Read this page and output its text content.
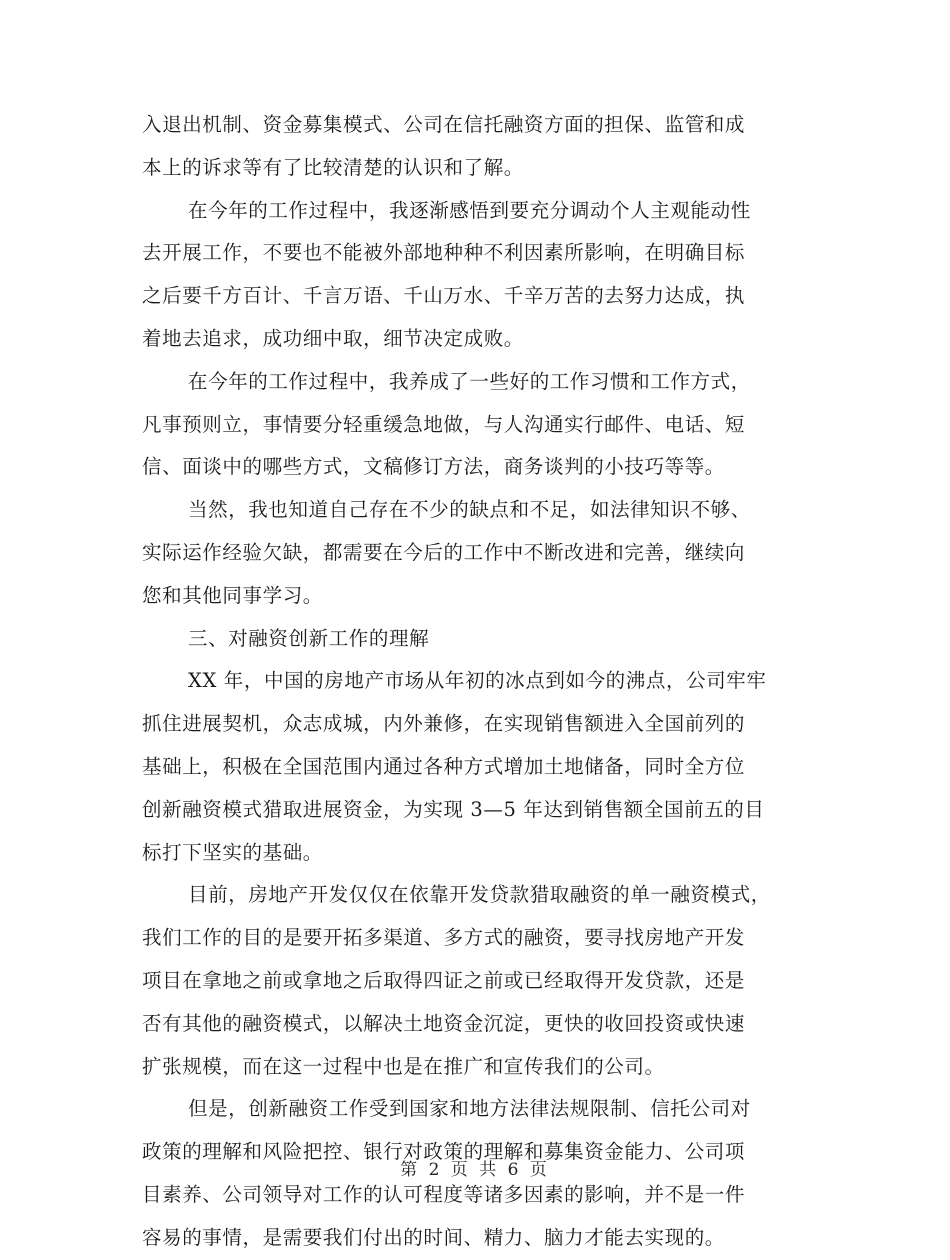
入退出机制、资金募集模式、公司在信托融资方面的担保、监管和成
本上的诉求等有了比较清楚的认识和了解。
在今年的工作过程中，我逐渐感悟到要充分调动个人主观能动性
去开展工作，不要也不能被外部地种种不利因素所影响，在明确目标
之后要千方百计、千言万语、千山万水、千辛万苦的去努力达成，执
着地去追求，成功细中取，细节决定成败。
在今年的工作过程中，我养成了一些好的工作习惯和工作方式，
凡事预则立，事情要分轻重缓急地做，与人沟通实行邮件、电话、短
信、面谈中的哪些方式，文稿修订方法，商务谈判的小技巧等等。
当然，我也知道自己存在不少的缺点和不足，如法律知识不够、
实际运作经验欠缺，都需要在今后的工作中不断改进和完善，继续向
您和其他同事学习。
三、对融资创新工作的理解
XX 年，中国的房地产市场从年初的冰点到如今的沸点，公司牢牢
抓住进展契机，众志成城，内外兼修，在实现销售额进入全国前列的
基础上，积极在全国范围内通过各种方式增加土地储备，同时全方位
创新融资模式猎取进展资金，为实现 3—5 年达到销售额全国前五的目
标打下坚实的基础。
目前，房地产开发仅仅在依靠开发贷款猎取融资的单一融资模式，
我们工作的目的是要开拓多渠道、多方式的融资，要寻找房地产开发
项目在拿地之前或拿地之后取得四证之前或已经取得开发贷款，还是
否有其他的融资模式，以解决土地资金沉淀，更快的收回投资或快速
扩张规模，而在这一过程中也是在推广和宣传我们的公司。
但是，创新融资工作受到国家和地方法律法规限制、信托公司对
政策的理解和风险把控、银行对政策的理解和募集资金能力、公司项
目素养、公司领导对工作的认可程度等诸多因素的影响，并不是一件
容易的事情，是需要我们付出的时间、精力、脑力才能去实现的。
第 2 页 共 6 页
